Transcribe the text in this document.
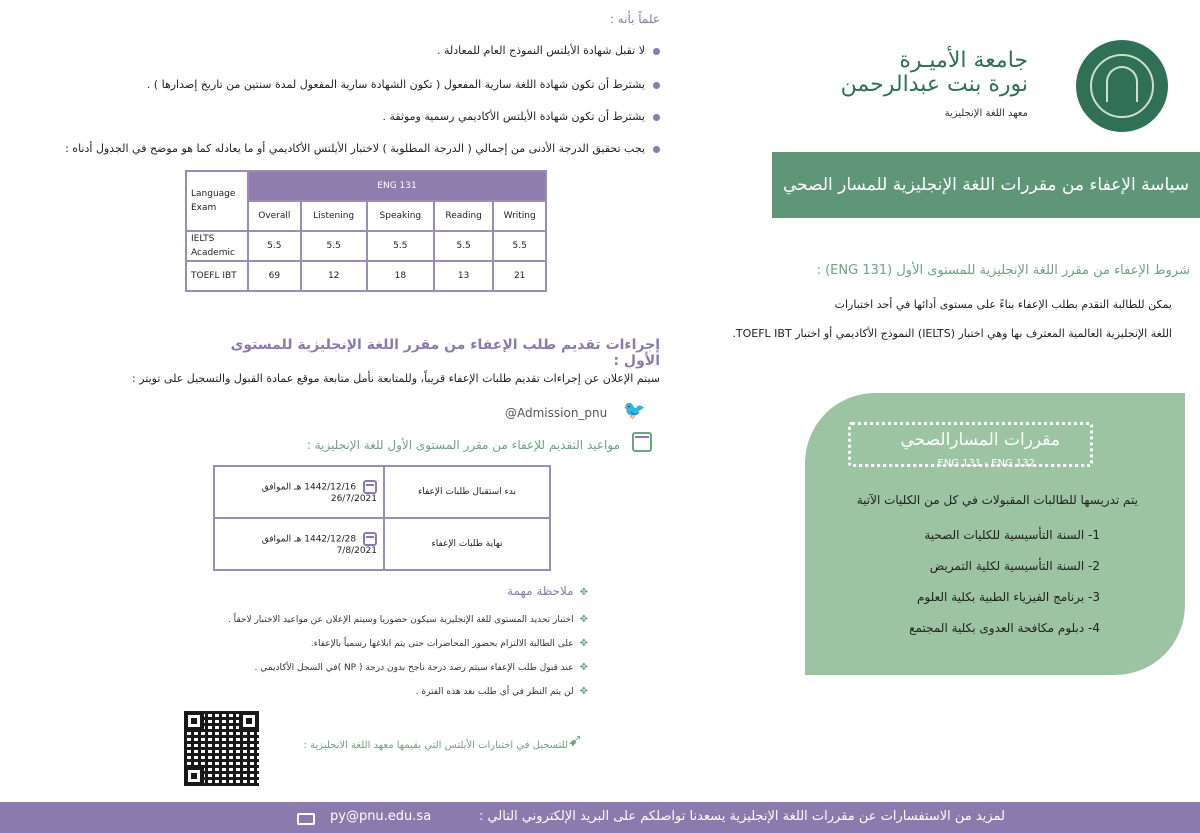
جامعة الأميـرة
نورة بنت عبدالرحمن
معهد اللغة الإنجليزية
سياسة الإعفاء من مقررات اللغة الإنجليزية للمسار الصحي
شروط الإعفاء من مقرر اللغة الإنجليزية للمستوى الأول (ENG 131) :
يمكن للطالبة التقدم بطلب الإعفاء بناءً على مستوى أدائها في أحد اختبارات
اللغة الإنجليزية العالمية المعترف بها وهي اختبار (IELTS) النموذج الأكاديمي أو اختبار TOEFL IBT.
مقررات المسارالصحي
ENG 131 - ENG 132
يتم تدريسها للطالبات المقبولات في كل من الكليات الآتية
1- السنة التأسيسية للكليات الصحية
2- السنة التأسيسية لكلية التمريض
3- برنامج الفيزياء الطبية بكلية العلوم
4- دبلوم مكافحة العدوى بكلية المجتمع
علماً بأنه :
لا تقبل شهادة الأيلتس النموذج العام للمعادلة .
يشترط أن تكون شهادة اللغة سارية المفعول ( تكون الشهادة سارية المفعول لمدة سنتين من تاريخ إصدارها ) .
يشترط أن تكون شهادة الأيلتس الأكاديمي رسمية وموثقة .
يجب تحقيق الدرجة الأدنى من إجمالي ( الدرجة المطلوبة ) لاختبار الأيلتس الأكاديمي أو ما يعادله كما هو موضح في الجدول أدناه :
Language
Exam	ENG 131				
	Overall	Listening	Speaking	Reading	Writing
IELTS
Academic	5.5	5.5	5.5	5.5	5.5
TOEFL IBT	69	12	18	13	21
إجراءات تقديم طلب الإعفاء من مقرر اللغة الإنجليزية للمستوى الأول :
سيتم الإعلان عن إجراءات تقديم طلبات الإعفاء قريباً، وللمتابعة نأمل متابعة موقع عمادة القبول والتسجيل على تويتر :
@Admission_pnu 🐦
مواعيد التقديم للإعفاء من مقرر المستوى الأول للغة الإنجليزية :
1442/12/16 هـ الموافق 26/7/2021	بدء استقبال طلبات الإعفاء
1442/12/28 هـ الموافق 7/8/2021	نهاية طلبات الإعفاء
✥ملاحظة مهمة
✥اختبار تحديد المستوى للغة الإنجليزية سيكون حضوريا وسيتم الإعلان عن مواعيد الاختبار لاحقاً .
✥على الطالبة الالتزام بحضور المحاضرات حتى يتم ابلاغها رسمياً بالإعفاء.
✥عند قبول طلب الإعفاء سيتم رصد درجة ناجح بدون درجة ( NP )في السجل الأكاديمي .
✥لن يتم النظر في أي طلب بعد هذه الفترة .
للتسجيل في اختبارات الأيلتس التي يقيمها معهد اللغة الانجليزية : ➹
py@pnu.edu.sa	لمزيد من الاستفسارات عن مقررات اللغة الإنجليزية يسعدنا تواصلكم على البريد الإلكتروني التالي :
